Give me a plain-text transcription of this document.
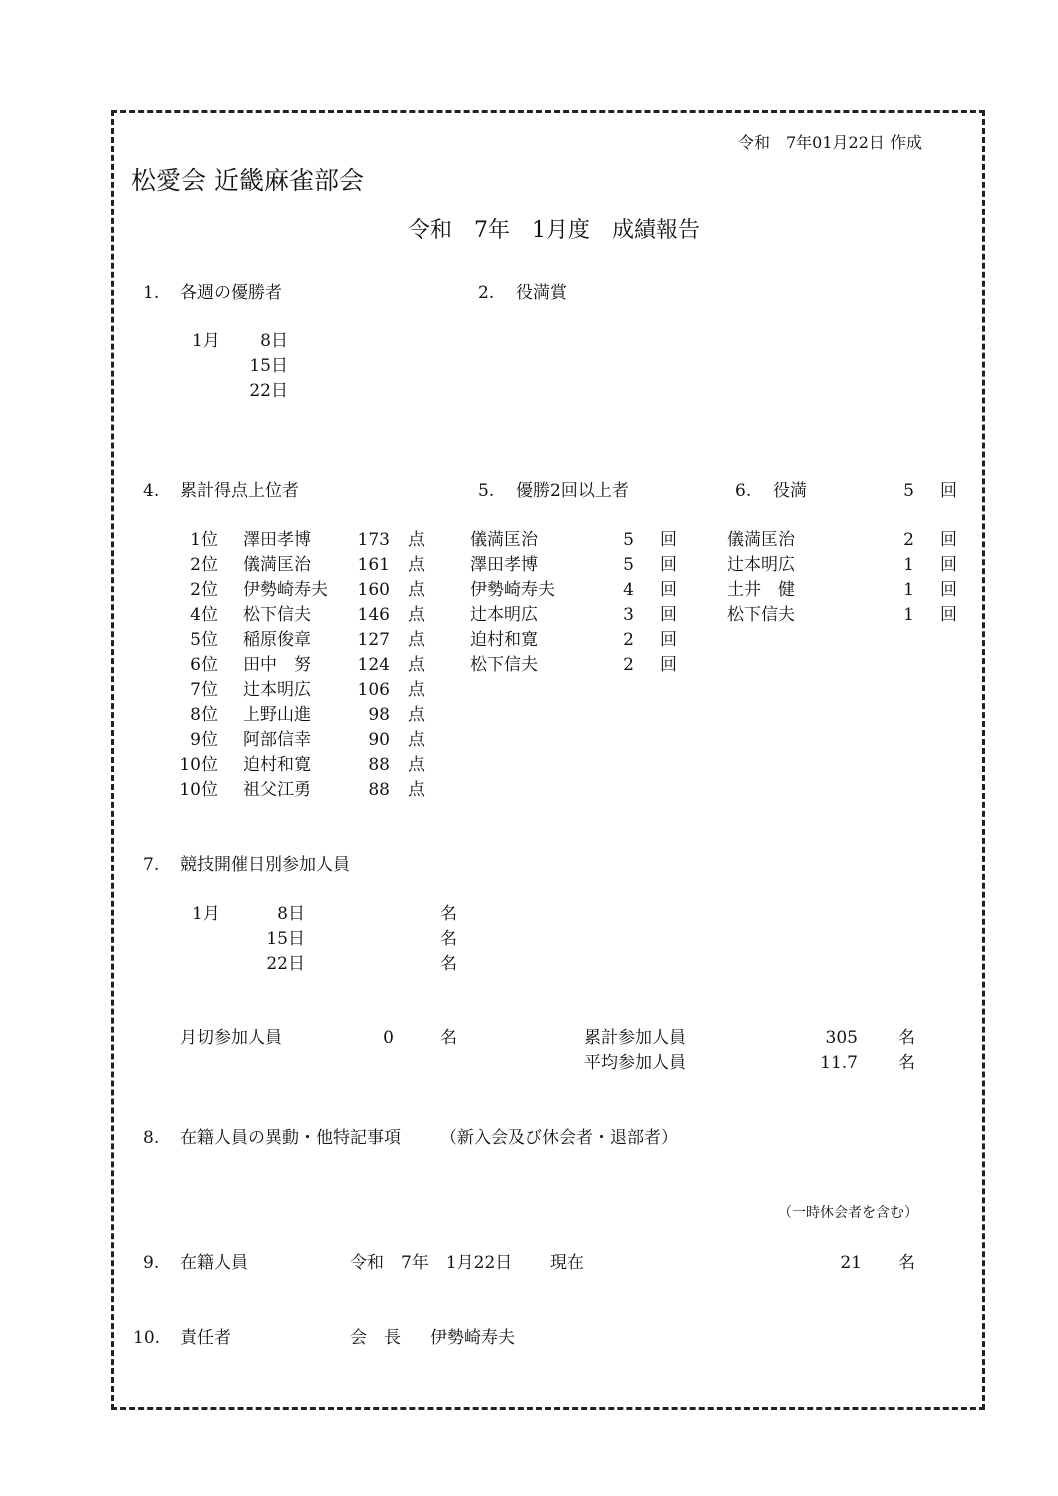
令和　7年01月22日 作成
松愛会 近畿麻雀部会
令和　7年　1月度　成績報告
1. 各週の優勝者
1月	8日
15日
22日
2. 役満賞
4. 累計得点上位者
1位 澤田孝博	173 点
2位 儀満匡治	161 点
2位 伊勢崎寿夫	160 点
4位 松下信夫	146 点
5位 稲原俊章	127 点
6位 田中　努	124 点
7位 辻本明広	106 点
8位 上野山進	98 点
9位 阿部信幸	90 点
10位 迫村和寛	88 点
10位 祖父江勇	88 点
5. 優勝2回以上者
儀満匡治	5 回
澤田孝博	5 回
伊勢崎寿夫	4 回
辻本明広	3 回
迫村和寛	2 回
松下信夫	2 回
6. 役満	5 回
儀満匡治	2 回
辻本明広	1 回
土井　健	1 回
松下信夫	1 回
7. 競技開催日別参加人員
1月	8日	名
15日	名
22日	名
月切参加人員	0	名	累計参加人員	305 名
平均参加人員	11.7 名
8. 在籍人員の異動・他特記事項 （新入会及び休会者・退部者）
（一時休会者を含む）
9. 在籍人員	令和　7年　1月22日 現在	21 名
10. 責任者	会　長 伊勢崎寿夫
